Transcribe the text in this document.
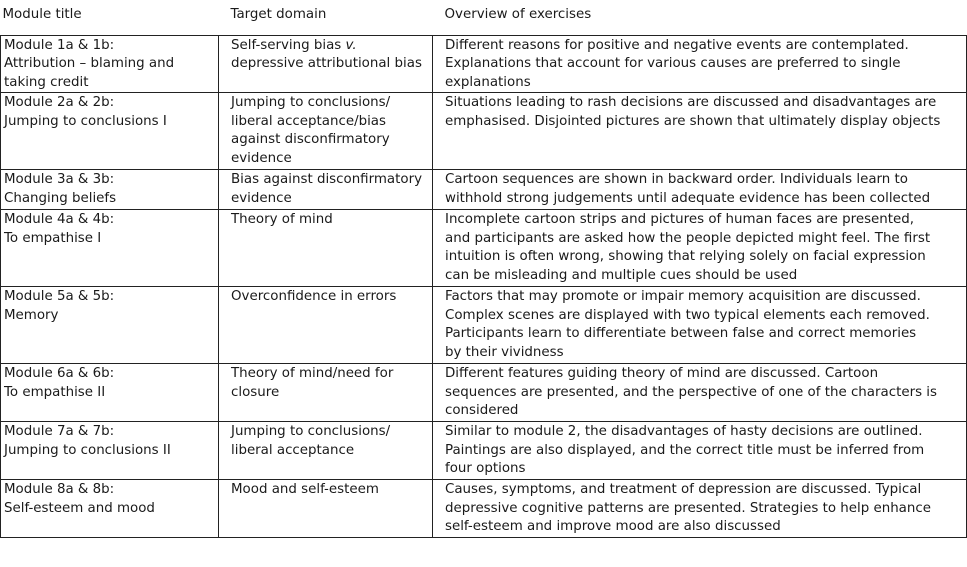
Module title	Target domain	Overview of exercises

Module 1a & 1b:
Attribution – blaming and
taking credit	Self-serving bias v.
depressive attributional bias	Different reasons for positive and negative events are contemplated.
Explanations that account for various causes are preferred to single
explanations

Module 2a & 2b:
Jumping to conclusions I	Jumping to conclusions/
liberal acceptance/bias
against disconfirmatory
evidence	Situations leading to rash decisions are discussed and disadvantages are
emphasised. Disjointed pictures are shown that ultimately display objects

Module 3a & 3b:
Changing beliefs	Bias against disconfirmatory
evidence	Cartoon sequences are shown in backward order. Individuals learn to
withhold strong judgements until adequate evidence has been collected

Module 4a & 4b:
To empathise I	Theory of mind	Incomplete cartoon strips and pictures of human faces are presented,
and participants are asked how the people depicted might feel. The first
intuition is often wrong, showing that relying solely on facial expression
can be misleading and multiple cues should be used

Module 5a & 5b:
Memory	Overconfidence in errors	Factors that may promote or impair memory acquisition are discussed.
Complex scenes are displayed with two typical elements each removed.
Participants learn to differentiate between false and correct memories
by their vividness

Module 6a & 6b:
To empathise II	Theory of mind/need for
closure	Different features guiding theory of mind are discussed. Cartoon
sequences are presented, and the perspective of one of the characters is
considered

Module 7a & 7b:
Jumping to conclusions II	Jumping to conclusions/
liberal acceptance	Similar to module 2, the disadvantages of hasty decisions are outlined.
Paintings are also displayed, and the correct title must be inferred from
four options

Module 8a & 8b:
Self-esteem and mood	Mood and self-esteem	Causes, symptoms, and treatment of depression are discussed. Typical
depressive cognitive patterns are presented. Strategies to help enhance
self-esteem and improve mood are also discussed
